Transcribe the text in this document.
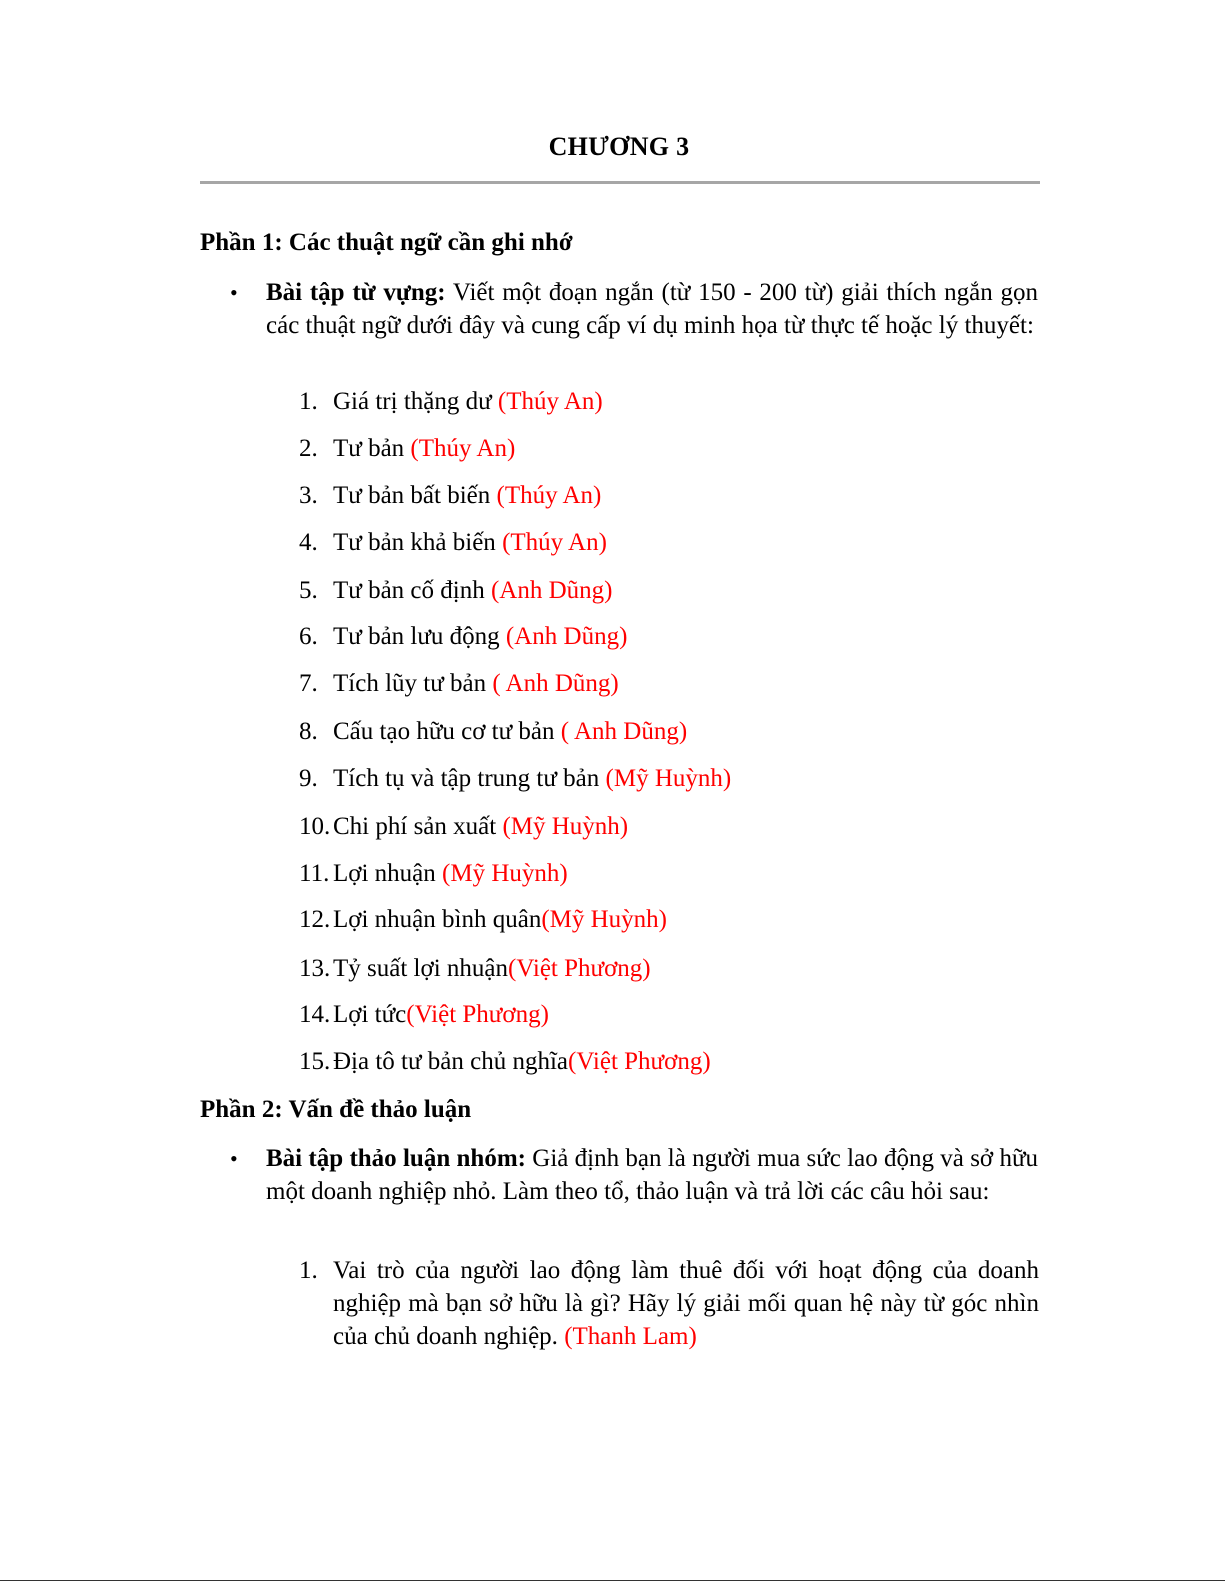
CHƯƠNG 3
Phần 1: Các thuật ngữ cần ghi nhớ
• Bài tập từ vựng: Viết một đoạn ngắn (từ 150 - 200 từ) giải thích ngắn gọn các thuật ngữ dưới đây và cung cấp ví dụ minh họa từ thực tế hoặc lý thuyết:
1. Giá trị thặng dư (Thúy An)
2. Tư bản (Thúy An)
3. Tư bản bất biến (Thúy An)
4. Tư bản khả biến (Thúy An)
5. Tư bản cố định (Anh Dũng)
6. Tư bản lưu động (Anh Dũng)
7. Tích lũy tư bản ( Anh Dũng)
8. Cấu tạo hữu cơ tư bản ( Anh Dũng)
9. Tích tụ và tập trung tư bản (Mỹ Huỳnh)
10. Chi phí sản xuất (Mỹ Huỳnh)
11. Lợi nhuận (Mỹ Huỳnh)
12. Lợi nhuận bình quân(Mỹ Huỳnh)
13. Tỷ suất lợi nhuận(Việt Phương)
14. Lợi tức(Việt Phương)
15. Địa tô tư bản chủ nghĩa(Việt Phương)
Phần 2: Vấn đề thảo luận
• Bài tập thảo luận nhóm: Giả định bạn là người mua sức lao động và sở hữu một doanh nghiệp nhỏ. Làm theo tổ, thảo luận và trả lời các câu hỏi sau:
1. Vai trò của người lao động làm thuê đối với hoạt động của doanh nghiệp mà bạn sở hữu là gì? Hãy lý giải mối quan hệ này từ góc nhìn của chủ doanh nghiệp. (Thanh Lam)
